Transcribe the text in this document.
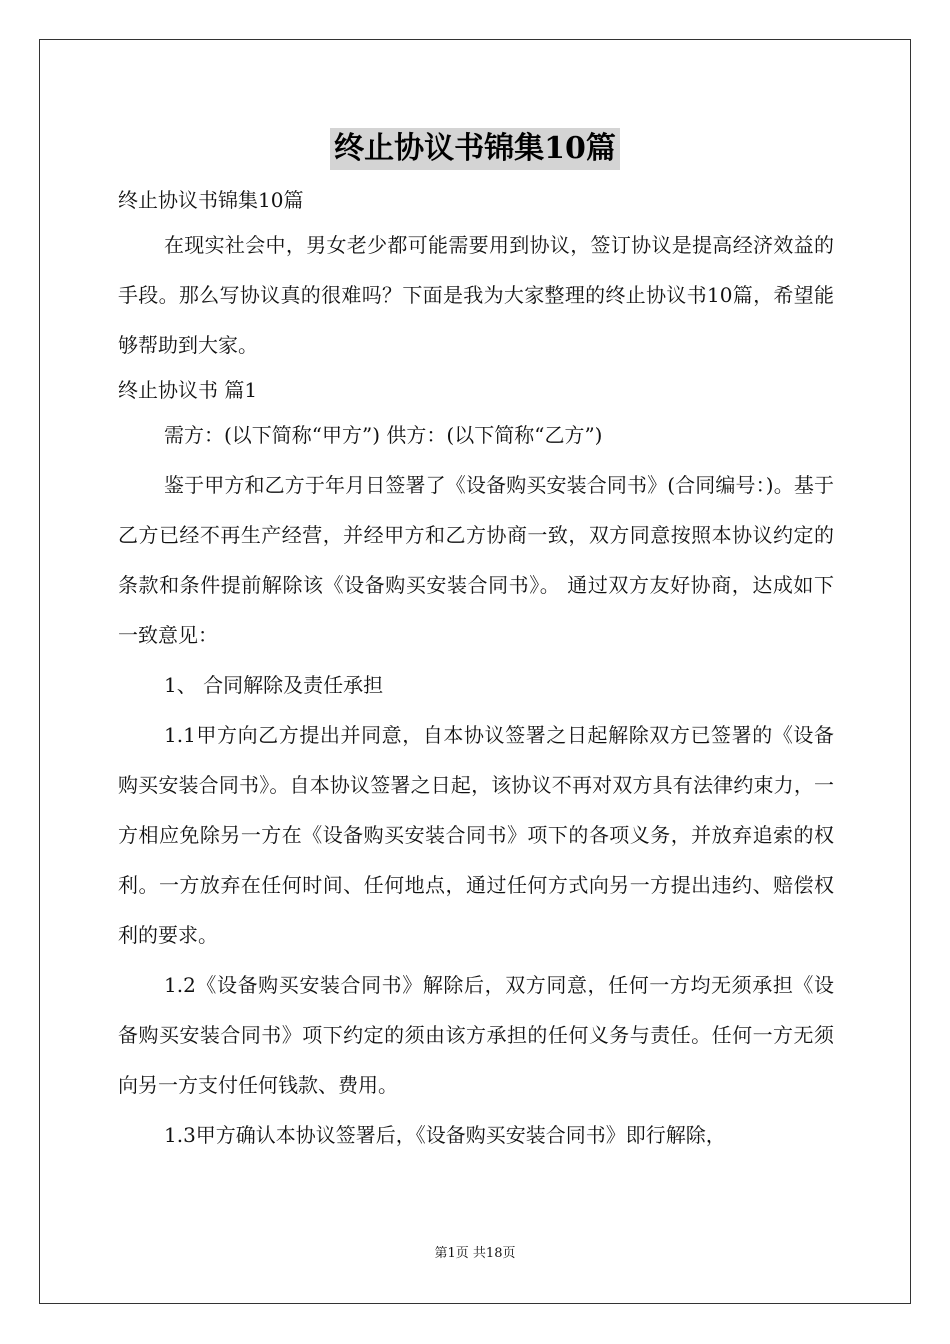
终止协议书锦集10篇
终止协议书锦集10篇

在现实社会中，男女老少都可能需要用到协议，签订协议是提高经济效益的手段。那么写协议真的很难吗？下面是我为大家整理的终止协议书10篇，希望能够帮助到大家。

终止协议书 篇1

需方：(以下简称“甲方”) 供方：(以下简称“乙方”)

鉴于甲方和乙方于年月日签署了《设备购买安装合同书》(合同编号：)。基于乙方已经不再生产经营，并经甲方和乙方协商一致，双方同意按照本协议约定的条款和条件提前解除该《设备购买安装合同书》。 通过双方友好协商，达成如下一致意见：

1、 合同解除及责任承担

1.1甲方向乙方提出并同意，自本协议签署之日起解除双方已签署的《设备购买安装合同书》。自本协议签署之日起，该协议不再对双方具有法律约束力，一方相应免除另一方在《设备购买安装合同书》项下的各项义务，并放弃追索的权利。一方放弃在任何时间、任何地点，通过任何方式向另一方提出违约、赔偿权利的要求。

1.2《设备购买安装合同书》解除后，双方同意，任何一方均无须承担《设备购买安装合同书》项下约定的须由该方承担的任何义务与责任。任何一方无须向另一方支付任何钱款、费用。

1.3甲方确认本协议签署后，《设备购买安装合同书》即行解除，

第1页 共18页
